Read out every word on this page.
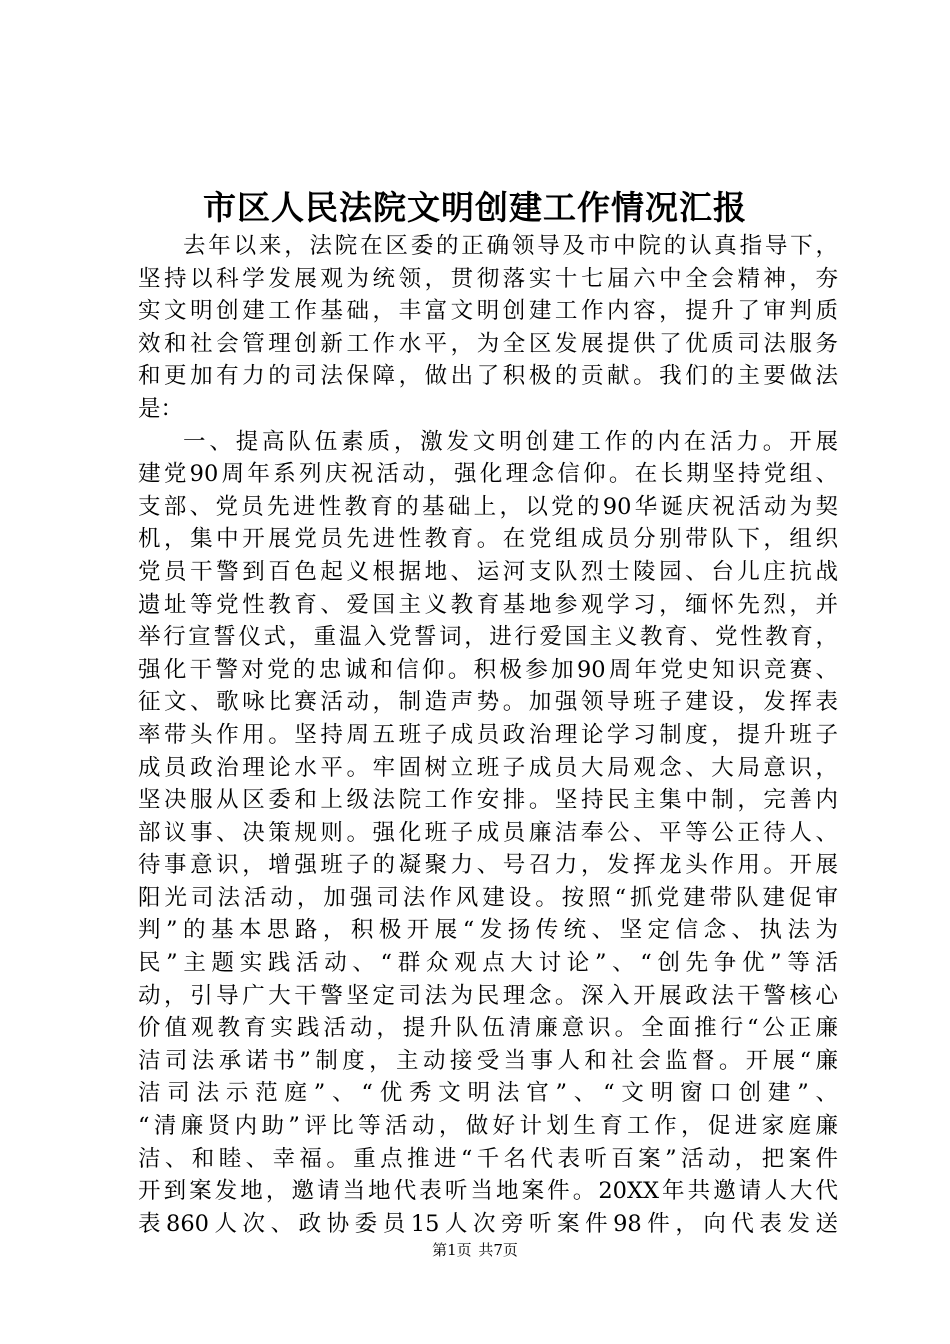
市区人民法院文明创建工作情况汇报
去年以来，法院在区委的正确领导及市中院的认真指导下，
坚持以科学发展观为统领，贯彻落实十七届六中全会精神，夯
实文明创建工作基础，丰富文明创建工作内容，提升了审判质
效和社会管理创新工作水平，为全区发展提供了优质司法服务
和更加有力的司法保障，做出了积极的贡献。我们的主要做法
是：
一、提高队伍素质，激发文明创建工作的内在活力。开展
建党90周年系列庆祝活动，强化理念信仰。在长期坚持党组、
支部、党员先进性教育的基础上，以党的90华诞庆祝活动为契
机，集中开展党员先进性教育。在党组成员分别带队下，组织
党员干警到百色起义根据地、运河支队烈士陵园、台儿庄抗战
遗址等党性教育、爱国主义教育基地参观学习，缅怀先烈，并
举行宣誓仪式，重温入党誓词，进行爱国主义教育、党性教育，
强化干警对党的忠诚和信仰。积极参加90周年党史知识竞赛、
征文、歌咏比赛活动，制造声势。加强领导班子建设，发挥表
率带头作用。坚持周五班子成员政治理论学习制度，提升班子
成员政治理论水平。牢固树立班子成员大局观念、大局意识，
坚决服从区委和上级法院工作安排。坚持民主集中制，完善内
部议事、决策规则。强化班子成员廉洁奉公、平等公正待人、
待事意识，增强班子的凝聚力、号召力，发挥龙头作用。开展
阳光司法活动，加强司法作风建设。按照“抓党建带队建促审
判”的基本思路，积极开展“发扬传统、坚定信念、执法为
民”主题实践活动、“群众观点大讨论”、“创先争优”等活
动，引导广大干警坚定司法为民理念。深入开展政法干警核心
价值观教育实践活动，提升队伍清廉意识。全面推行“公正廉
洁司法承诺书”制度，主动接受当事人和社会监督。开展“廉
洁司法示范庭”、“优秀文明法官”、“文明窗口创建”、
“清廉贤内助”评比等活动，做好计划生育工作，促进家庭廉
洁、和睦、幸福。重点推进“千名代表听百案”活动，把案件
开到案发地，邀请当地代表听当地案件。20XX年共邀请人大代
表860人次、政协委员15人次旁听案件98件，向代表发送
第1页 共7页
